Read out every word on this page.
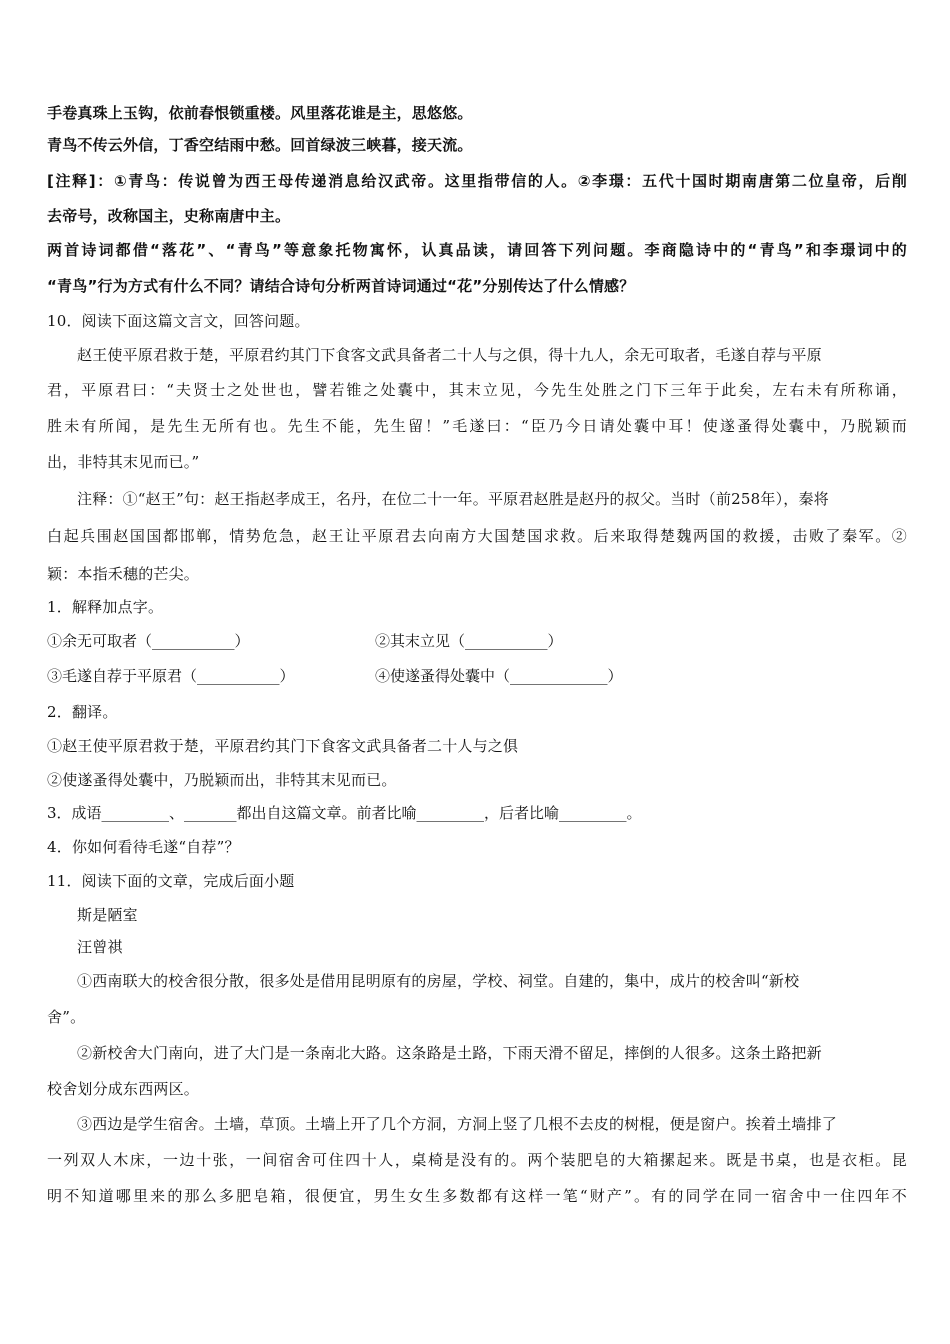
手卷真珠上玉钩，依前春恨锁重楼。风里落花谁是主，思悠悠。
青鸟不传云外信，丁香空结雨中愁。回首绿波三峡暮，接天流。
[注释]：①青鸟：传说曾为西王母传递消息给汉武帝。这里指带信的人。②李璟：五代十国时期南唐第二位皇帝，后削
去帝号，改称国主，史称南唐中主。
两首诗词都借“落花”、“青鸟”等意象托物寓怀，认真品读，请回答下列问题。李商隐诗中的“青鸟”和李璟词中的
“青鸟”行为方式有什么不同？请结合诗句分析两首诗词通过“花”分别传达了什么情感？
10．阅读下面这篇文言文，回答问题。
赵王使平原君救于楚，平原君约其门下食客文武具备者二十人与之俱，得十九人，余无可取者，毛遂自荐与平原
君，平原君曰：“夫贤士之处世也，譬若锥之处囊中，其末立见，今先生处胜之门下三年于此矣，左右未有所称诵，
胜未有所闻，是先生无所有也。先生不能，先生留！”毛遂曰：“臣乃今日请处囊中耳！使遂蚤得处囊中，乃脱颖而
出，非特其末见而已。”
注释：①“赵王”句：赵王指赵孝成王，名丹，在位二十一年。平原君赵胜是赵丹的叔父。当时（前258年），秦将
白起兵围赵国国都邯郸，情势危急，赵王让平原君去向南方大国楚国求救。后来取得楚魏两国的救援，击败了秦军。②
颖：本指禾穗的芒尖。
1．解释加点字。
①余无可取者（___________）	②其末立见（___________）
③毛遂自荐于平原君（___________）	④使遂蚤得处囊中（_____________）
2．翻译。
①赵王使平原君救于楚，平原君约其门下食客文武具备者二十人与之俱
②使遂蚤得处囊中，乃脱颖而出，非特其末见而已。
3．成语_________、_______都出自这篇文章。前者比喻_________，后者比喻_________。
4．你如何看待毛遂“自荐”？
11．阅读下面的文章，完成后面小题
斯是陋室
汪曾祺
①西南联大的校舍很分散，很多处是借用昆明原有的房屋，学校、祠堂。自建的，集中，成片的校舍叫“新校
舍”。
②新校舍大门南向，进了大门是一条南北大路。这条路是土路，下雨天滑不留足，摔倒的人很多。这条土路把新
校舍划分成东西两区。
③西边是学生宿舍。土墙，草顶。土墙上开了几个方洞，方洞上竖了几根不去皮的树棍，便是窗户。挨着土墙排了
一列双人木床，一边十张，一间宿舍可住四十人，桌椅是没有的。两个装肥皂的大箱摞起来。既是书桌，也是衣柜。昆
明不知道哪里来的那么多肥皂箱，很便宜，男生女生多数都有这样一笔“财产”。有的同学在同一宿舍中一住四年不
